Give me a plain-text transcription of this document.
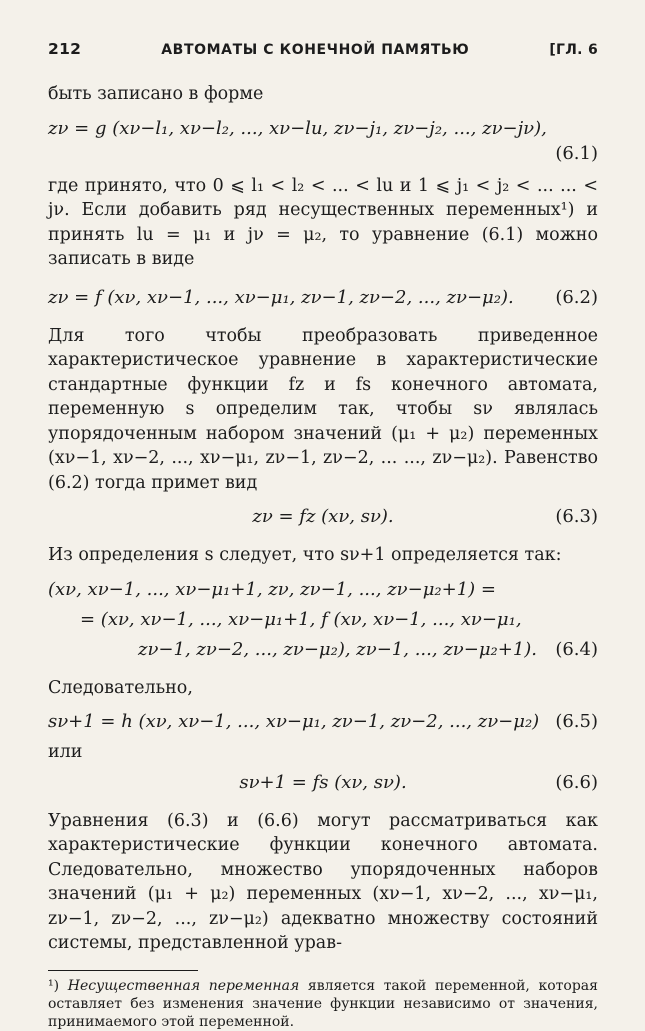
212	АВТОМАТЫ С КОНЕЧНОЙ ПАМЯТЬЮ	[ГЛ. 6
быть записано в форме
zν = g (xν−l₁, xν−l₂, ..., xν−lu, zν−j₁, zν−j₂, ..., zν−jν),
(6.1)
где принято, что 0 ⩽ l₁ < l₂ < ... < lu и 1 ⩽ j₁ < j₂ < ... ... < jν. Если добавить ряд несущественных переменных¹) и принять lu = μ₁ и jν = μ₂, то уравнение (6.1) можно записать в виде
zν = f (xν, xν−1, ..., xν−μ₁, zν−1, zν−2, ..., zν−μ₂). (6.2)
Для того чтобы преобразовать приведенное характеристическое уравнение в характеристические стандартные функции fz и fs конечного автомата, переменную s определим так, чтобы sν являлась упорядоченным набором значений (μ₁ + μ₂) переменных (xν−1, xν−2, ..., xν−μ₁, zν−1, zν−2, ... ..., zν−μ₂). Равенство (6.2) тогда примет вид
zν = fz (xν, sν).	(6.3)
Из определения s следует, что sν+1 определяется так:
(xν, xν−1, ..., xν−μ₁+1, zν, zν−1, ..., zν−μ₂+1) =
= (xν, xν−1, ..., xν−μ₁+1, f (xν, xν−1, ..., xν−μ₁,
zν−1, zν−2, ..., zν−μ₂), zν−1, ..., zν−μ₂+1). (6.4)
Следовательно,
sν+1 = h (xν, xν−1, ..., xν−μ₁, zν−1, zν−2, ..., zν−μ₂) (6.5)
или
sν+1 = fs (xν, sν).	(6.6)
Уравнения (6.3) и (6.6) могут рассматриваться как характеристические функции конечного автомата. Следовательно, множество упорядоченных наборов значений (μ₁ + μ₂) переменных (xν−1, xν−2, ..., xν−μ₁, zν−1, zν−2, ..., zν−μ₂) адекватно множеству состояний системы, представленной урав-
¹) Несущественная переменная является такой переменной, которая оставляет без изменения значение функции независимо от значения, принимаемого этой переменной.
